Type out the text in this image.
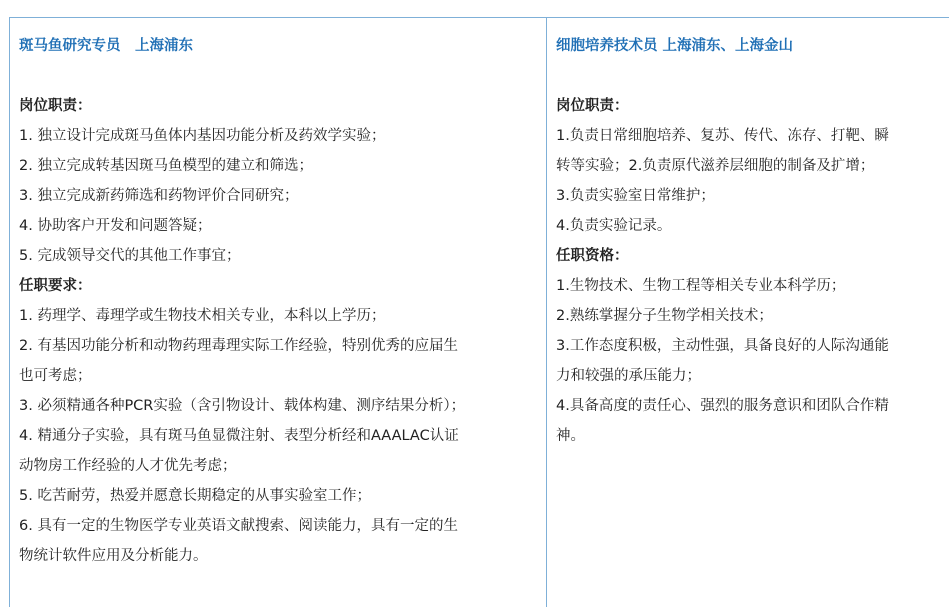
斑马鱼研究专员　上海浦东
岗位职责：
1. 独立设计完成斑马鱼体内基因功能分析及药效学实验；
2. 独立完成转基因斑马鱼模型的建立和筛选；
3. 独立完成新药筛选和药物评价合同研究；
4. 协助客户开发和问题答疑；
5. 完成领导交代的其他工作事宜；
任职要求：
1. 药理学、毒理学或生物技术相关专业，本科以上学历；
2. 有基因功能分析和动物药理毒理实际工作经验，特别优秀的应届生
也可考虑；
3. 必须精通各种PCR实验（含引物设计、载体构建、测序结果分析）；
4. 精通分子实验，具有斑马鱼显微注射、表型分析经和AAALAC认证
动物房工作经验的人才优先考虑；
5. 吃苦耐劳，热爱并愿意长期稳定的从事实验室工作；
6. 具有一定的生物医学专业英语文献搜索、阅读能力，具有一定的生
物统计软件应用及分析能力。
细胞培养技术员 上海浦东、上海金山
岗位职责：
1.负责日常细胞培养、复苏、传代、冻存、打靶、瞬
转等实验；2.负责原代滋养层细胞的制备及扩增；
3.负责实验室日常维护；
4.负责实验记录。
任职资格：
1.生物技术、生物工程等相关专业本科学历；
2.熟练掌握分子生物学相关技术；
3.工作态度积极，主动性强，具备良好的人际沟通能
力和较强的承压能力；
4.具备高度的责任心、强烈的服务意识和团队合作精
神。
